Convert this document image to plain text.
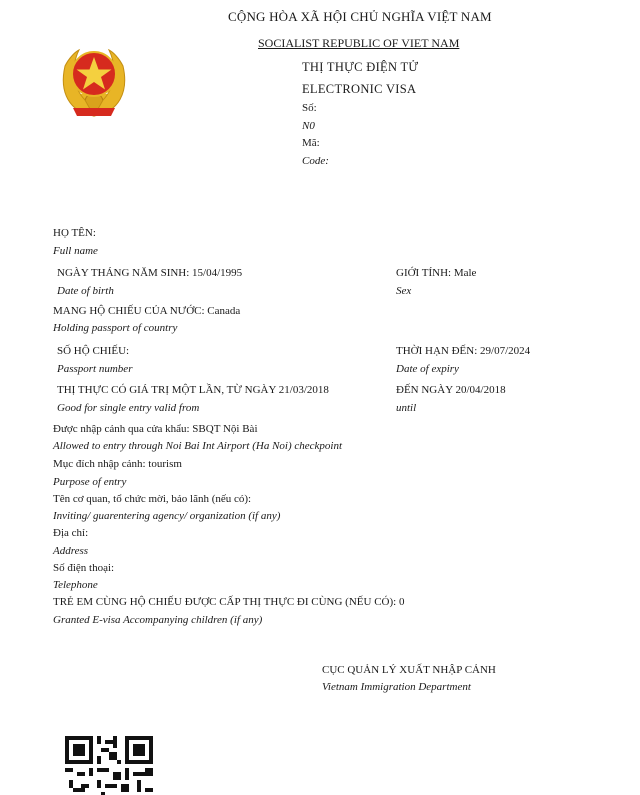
CỘNG HÒA XÃ HỘI CHỦ NGHĨA VIỆT NAM
SOCIALIST REPUBLIC OF VIET NAM
THỊ THỰC ĐIỆN TỬ
ELECTRONIC VISA
Số:
N0
Mã:
Code:
HỌ TÊN:
Full name
NGÀY THÁNG NĂM SINH: 15/04/1995
Date of birth
GIỚI TÍNH: Male
Sex
MANG HỘ CHIẾU CỦA NƯỚC: Canada
Holding passport of country
SỐ HỘ CHIẾU:
Passport number
THỜI HẠN ĐẾN: 29/07/2024
Date of expiry
THỊ THỰC CÓ GIÁ TRỊ MỘT LẦN, TỪ NGÀY 21/03/2018
Good for single entry valid from
ĐẾN NGÀY 20/04/2018
until
Được nhập cảnh qua cửa khẩu: SBQT Nội Bài
Allowed to entry through Noi Bai Int Airport (Ha Noi) checkpoint
Mục đích nhập cảnh: tourism
Purpose of entry
Tên cơ quan, tổ chức mời, bảo lãnh (nếu có):
Inviting/ guarentering agency/ organization (if any)
Địa chỉ:
Address
Số điện thoại:
Telephone
TRẺ EM CÙNG HỘ CHIẾU ĐƯỢC CẤP THỊ THỰC ĐI CÙNG (NẾU CÓ): 0
Granted E-visa Accompanying children (if any)
CỤC QUẢN LÝ XUẤT NHẬP CẢNH
Vietnam Immigration Department
